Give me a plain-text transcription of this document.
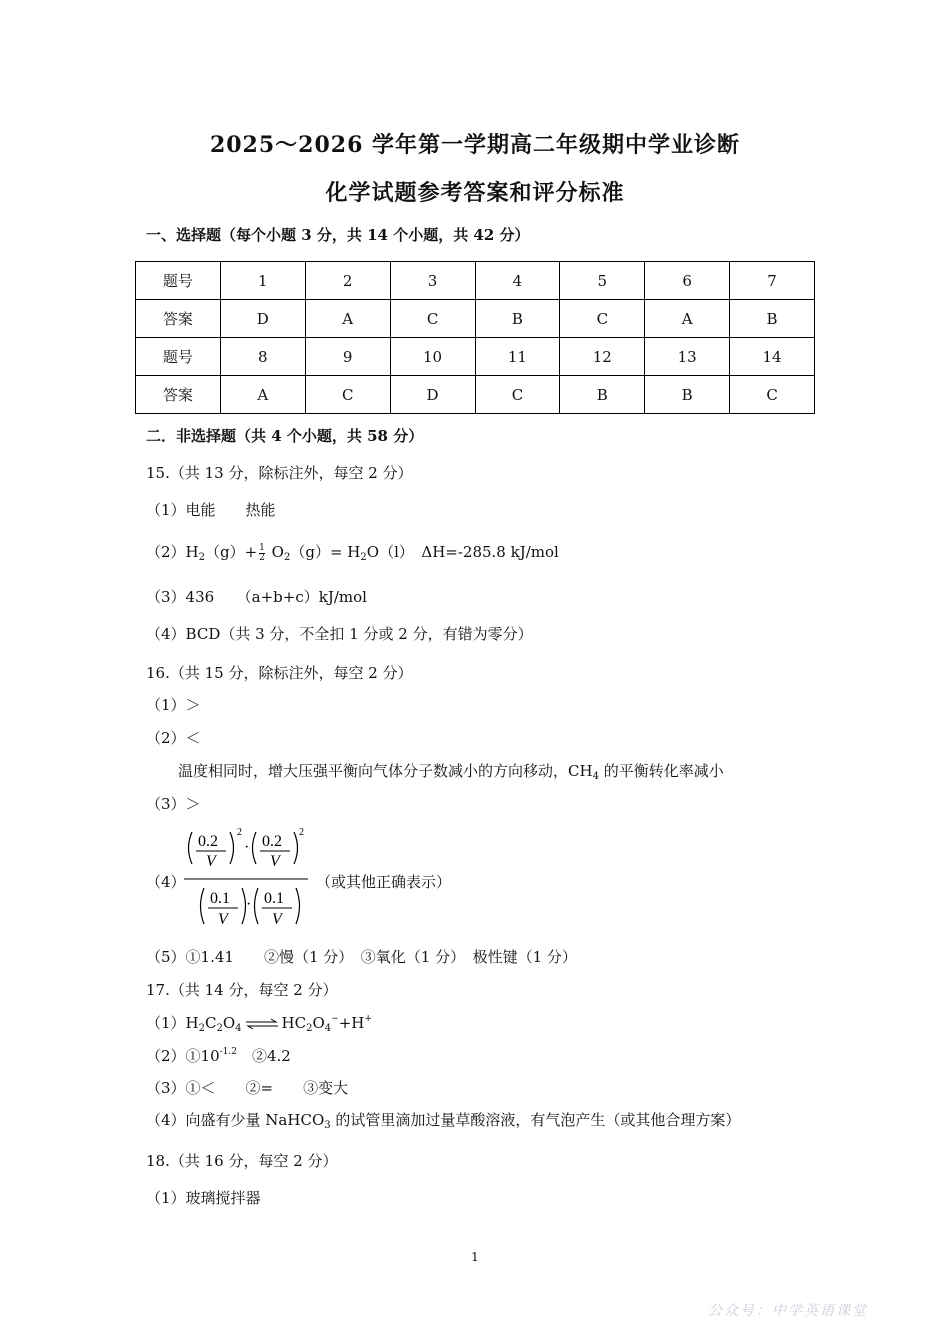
2025～2026 学年第一学期高二年级期中学业诊断
化学试题参考答案和评分标准
一、选择题（每个小题 3 分，共 14 个小题，共 42 分）
题号	1	2	3	4	5	6	7
答案	D	A	C	B	C	A	B
题号	8	9	10	11	12	13	14
答案	A	C	D	C	B	B	C
二．非选择题（共 4 个小题，共 58 分）
15.（共 13 分，除标注外，每空 2 分）
（1）电能　　热能
$(2)H_2(g)+ \frac{1}{2} O_2(g)= H_2O(l)$　ΔH=-285.8 kJ/mol
（3）436　　（a+b+c）kJ/mol
（4）BCD（共 3 分，不全扣 1 分或 2 分，有错为零分）
16.（共 15 分，除标注外，每空 2 分）
（1）＞
（2）＜
温度相同时，增大压强平衡向气体分子数减小的方向移动，$CH_4$ 的平衡转化率减小
（3）＞
（4）
0.2
V
2
· 0.2
V
2
0.1
V
· 0.1
V
（或其他正确表示）
（5）①1.41　　②慢（1 分）　③氧化（1 分）　极性键（1 分）
17.（共 14 分，每空 2 分）
$(1)H_2C_2O_4$ ⇌ $HC_2O_4^-+H^+$
$(2)①10^{-1.2}$　②4.2
（3）①＜　　②=　　③变大
（4）向盛有少量 NaHCO$_3$ 的试管里滴加过量草酸溶液，有气泡产生（或其他合理方案）
18.（共 16 分，每空 2 分）
（1）玻璃搅拌器
1
公众号：中学英语课堂
